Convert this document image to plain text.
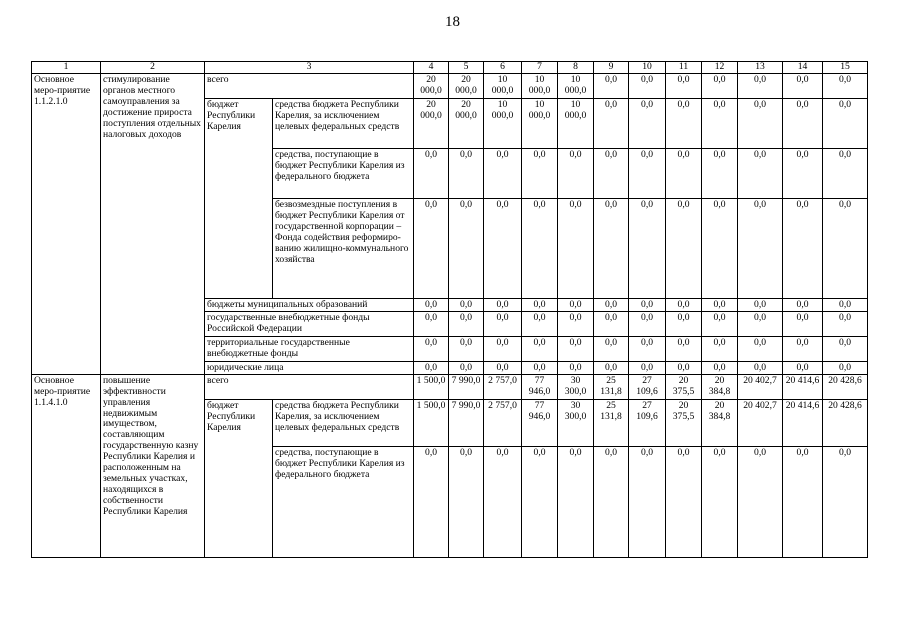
18
1	2	3		4	5	6	7	8	9	10	11	12	13	14	15
Основное меро-приятие 1.1.2.1.0	стимулирование органов местного самоуправления за достижение прироста поступления отдельных налоговых доходов	всего		20 000,0	20 000,0	10 000,0	10 000,0	10 000,0	0,0	0,0	0,0	0,0	0,0	0,0	0,0
		бюджет Республики Карелия	средства бюджета Республики Карелия, за исключением целевых федеральных средств	20 000,0	20 000,0	10 000,0	10 000,0	10 000,0	0,0	0,0	0,0	0,0	0,0	0,0	0,0
			средства, поступающие в бюджет Республики Карелия из федерального бюджета	0,0	0,0	0,0	0,0	0,0	0,0	0,0	0,0	0,0	0,0	0,0	0,0
			безвозмездные поступления в бюджет Республики Карелия от государственной корпорации – Фонда содействия реформиро-ванию жилищно-коммунального хозяйства	0,0	0,0	0,0	0,0	0,0	0,0	0,0	0,0	0,0	0,0	0,0	0,0
		бюджеты муниципальных образований		0,0	0,0	0,0	0,0	0,0	0,0	0,0	0,0	0,0	0,0	0,0	0,0
		государственные внебюджетные фонды Российской Федерации		0,0	0,0	0,0	0,0	0,0	0,0	0,0	0,0	0,0	0,0	0,0	0,0
		территориальные государственные внебюджетные фонды		0,0	0,0	0,0	0,0	0,0	0,0	0,0	0,0	0,0	0,0	0,0	0,0
		юридические лица		0,0	0,0	0,0	0,0	0,0	0,0	0,0	0,0	0,0	0,0	0,0	0,0
Основное меро-приятие 1.1.4.1.0	повышение эффективности управления недвижимым имуществом, составляющим государственную казну Республики Карелия и расположенным на земельных участках, находящихся в собственности Республики Карелия	всего		1 500,0	7 990,0	2 757,0	77 946,0	30 300,0	25 131,8	27 109,6	20 375,5	20 384,8	20 402,7	20 414,6	20 428,6
		бюджет Республики Карелия	средства бюджета Республики Карелия, за исключением целевых федеральных средств	1 500,0	7 990,0	2 757,0	77 946,0	30 300,0	25 131,8	27 109,6	20 375,5	20 384,8	20 402,7	20 414,6	20 428,6
			средства, поступающие в бюджет Республики Карелия из федерального бюджета	0,0	0,0	0,0	0,0	0,0	0,0	0,0	0,0	0,0	0,0	0,0	0,0
